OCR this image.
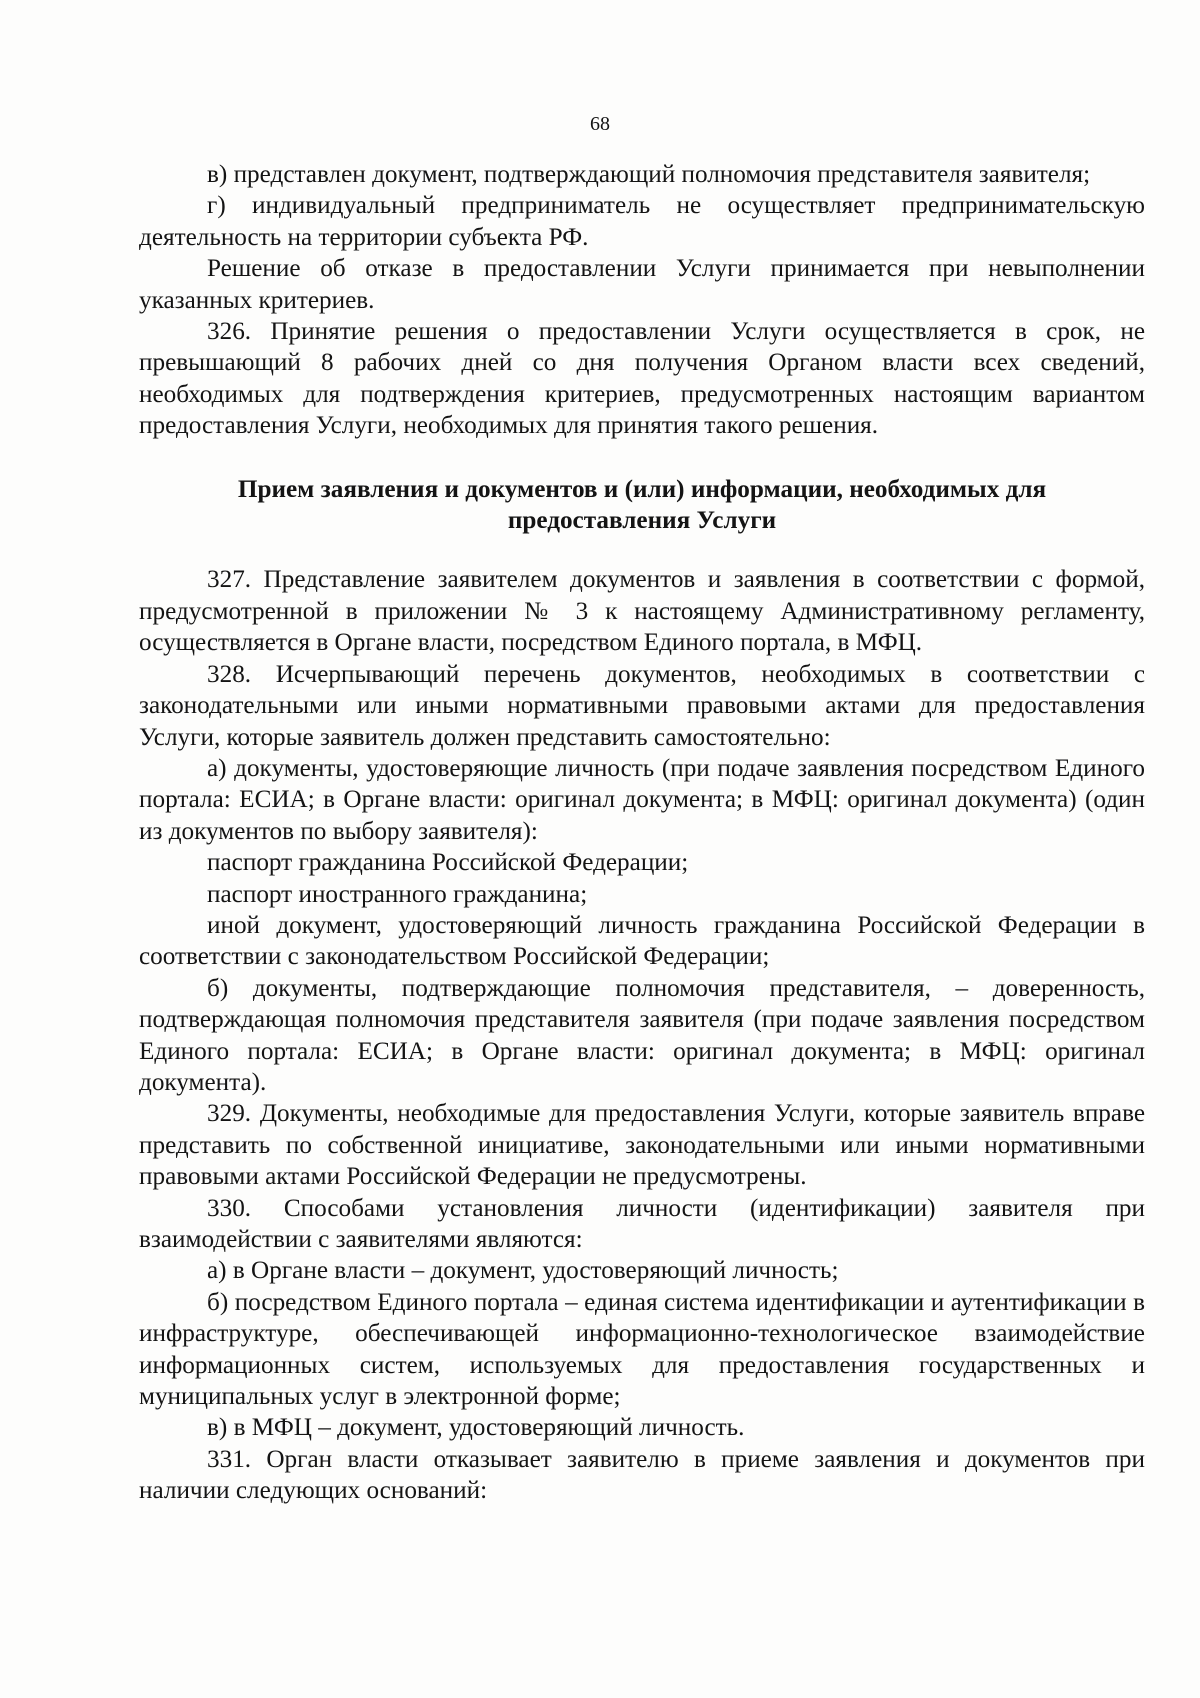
68

в) представлен документ, подтверждающий полномочия представителя заявителя;

г) индивидуальный предприниматель не осуществляет предпринимательскую деятельность на территории субъекта РФ.

Решение об отказе в предоставлении Услуги принимается при невыполнении указанных критериев.

326. Принятие решения о предоставлении Услуги осуществляется в срок, не превышающий 8 рабочих дней со дня получения Органом власти всех сведений, необходимых для подтверждения критериев, предусмотренных настоящим вариантом предоставления Услуги, необходимых для принятия такого решения.

Прием заявления и документов и (или) информации, необходимых для предоставления Услуги

327. Представление заявителем документов и заявления в соответствии с формой, предусмотренной в приложении № 3 к настоящему Административному регламенту, осуществляется в Органе власти, посредством Единого портала, в МФЦ.

328. Исчерпывающий перечень документов, необходимых в соответствии с законодательными или иными нормативными правовыми актами для предоставления Услуги, которые заявитель должен представить самостоятельно:

а) документы, удостоверяющие личность (при подаче заявления посредством Единого портала: ЕСИА; в Органе власти: оригинал документа; в МФЦ: оригинал документа) (один из документов по выбору заявителя):

паспорт гражданина Российской Федерации;

паспорт иностранного гражданина;

иной документ, удостоверяющий личность гражданина Российской Федерации в соответствии с законодательством Российской Федерации;

б) документы, подтверждающие полномочия представителя, – доверенность, подтверждающая полномочия представителя заявителя (при подаче заявления посредством Единого портала: ЕСИА; в Органе власти: оригинал документа; в МФЦ: оригинал документа).

329. Документы, необходимые для предоставления Услуги, которые заявитель вправе представить по собственной инициативе, законодательными или иными нормативными правовыми актами Российской Федерации не предусмотрены.

330. Способами установления личности (идентификации) заявителя при взаимодействии с заявителями являются:

а) в Органе власти – документ, удостоверяющий личность;

б) посредством Единого портала – единая система идентификации и аутентификации в инфраструктуре, обеспечивающей информационно-технологическое взаимодействие информационных систем, используемых для предоставления государственных и муниципальных услуг в электронной форме;

в) в МФЦ – документ, удостоверяющий личность.

331. Орган власти отказывает заявителю в приеме заявления и документов при наличии следующих оснований:
